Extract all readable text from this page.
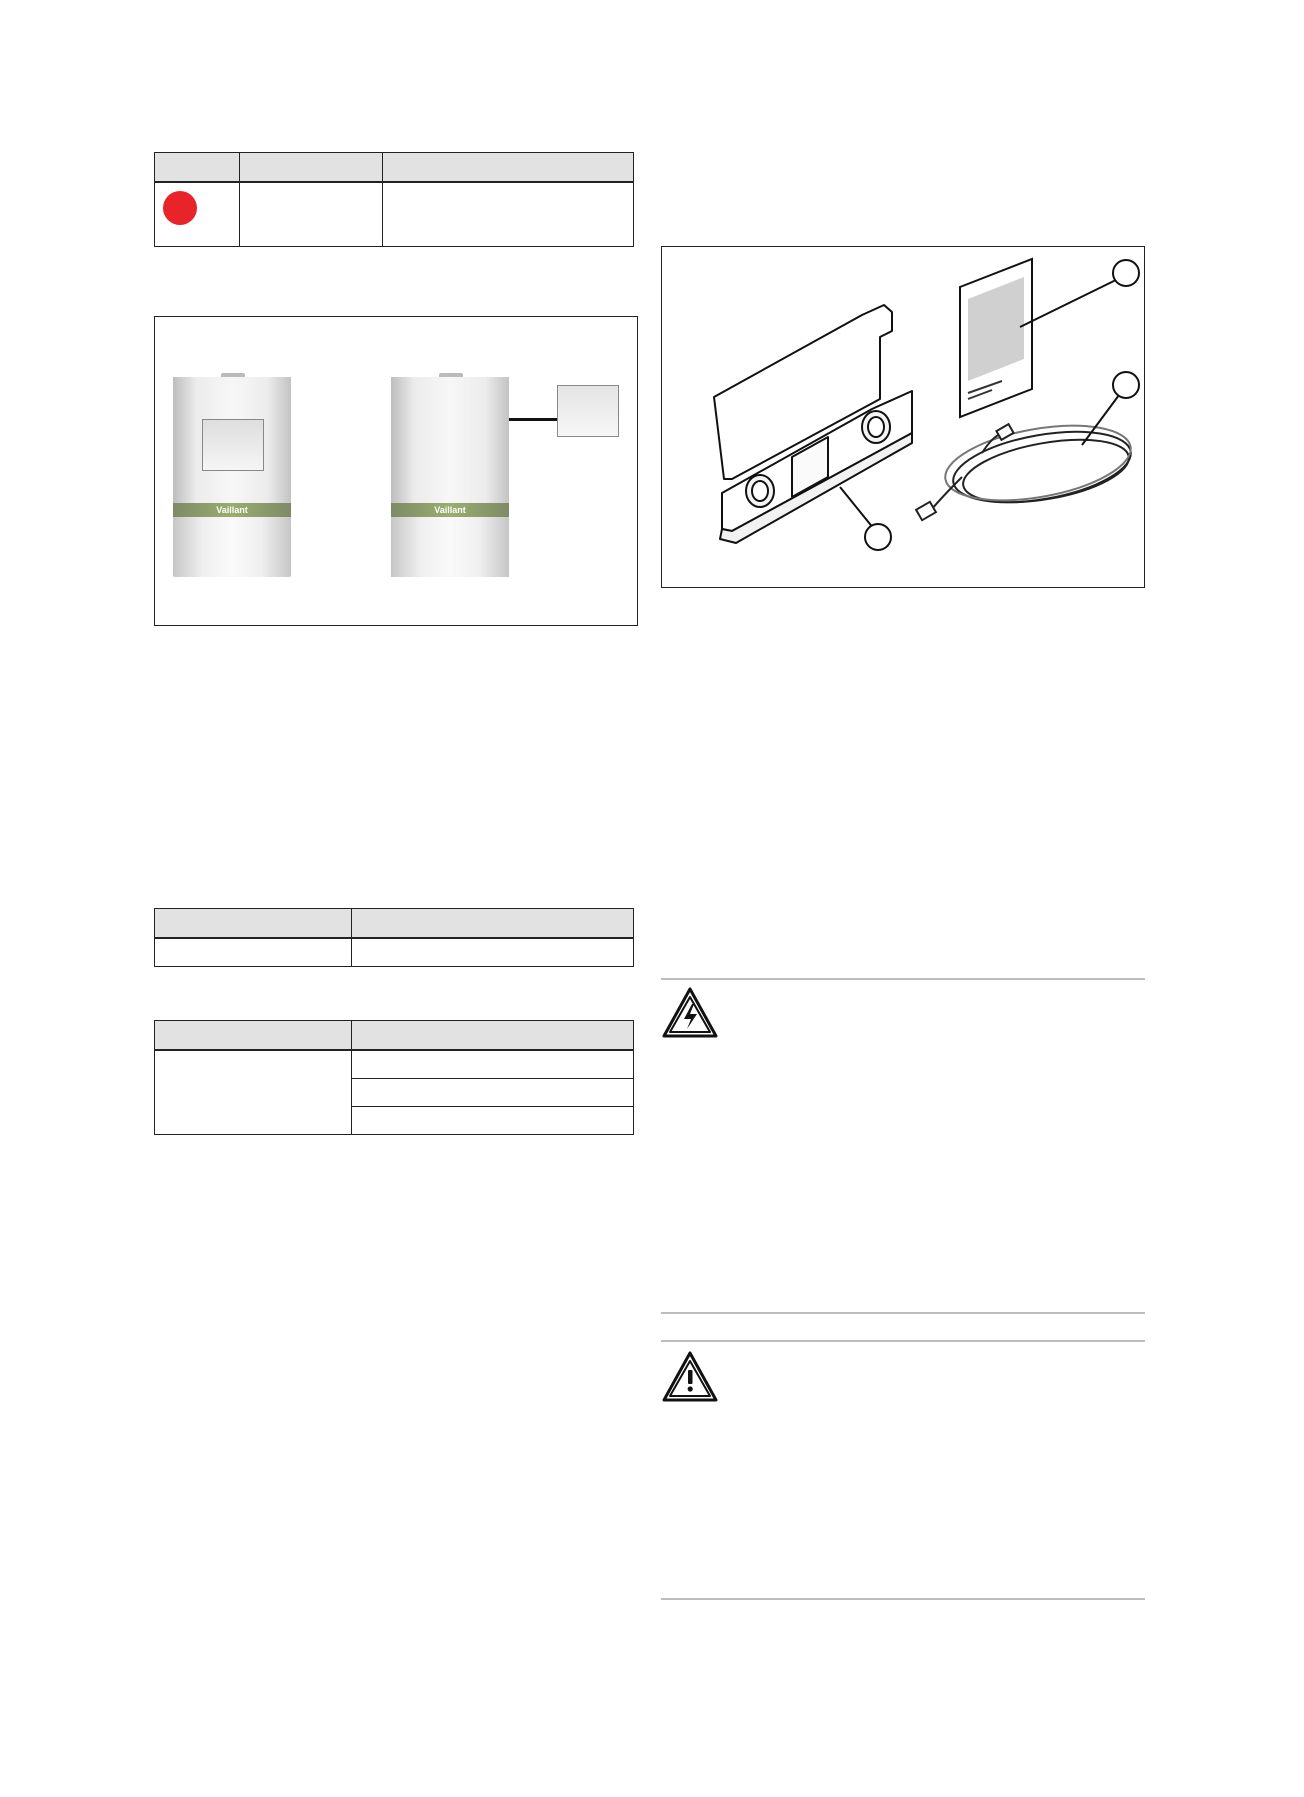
Vaillant	Vaillant
